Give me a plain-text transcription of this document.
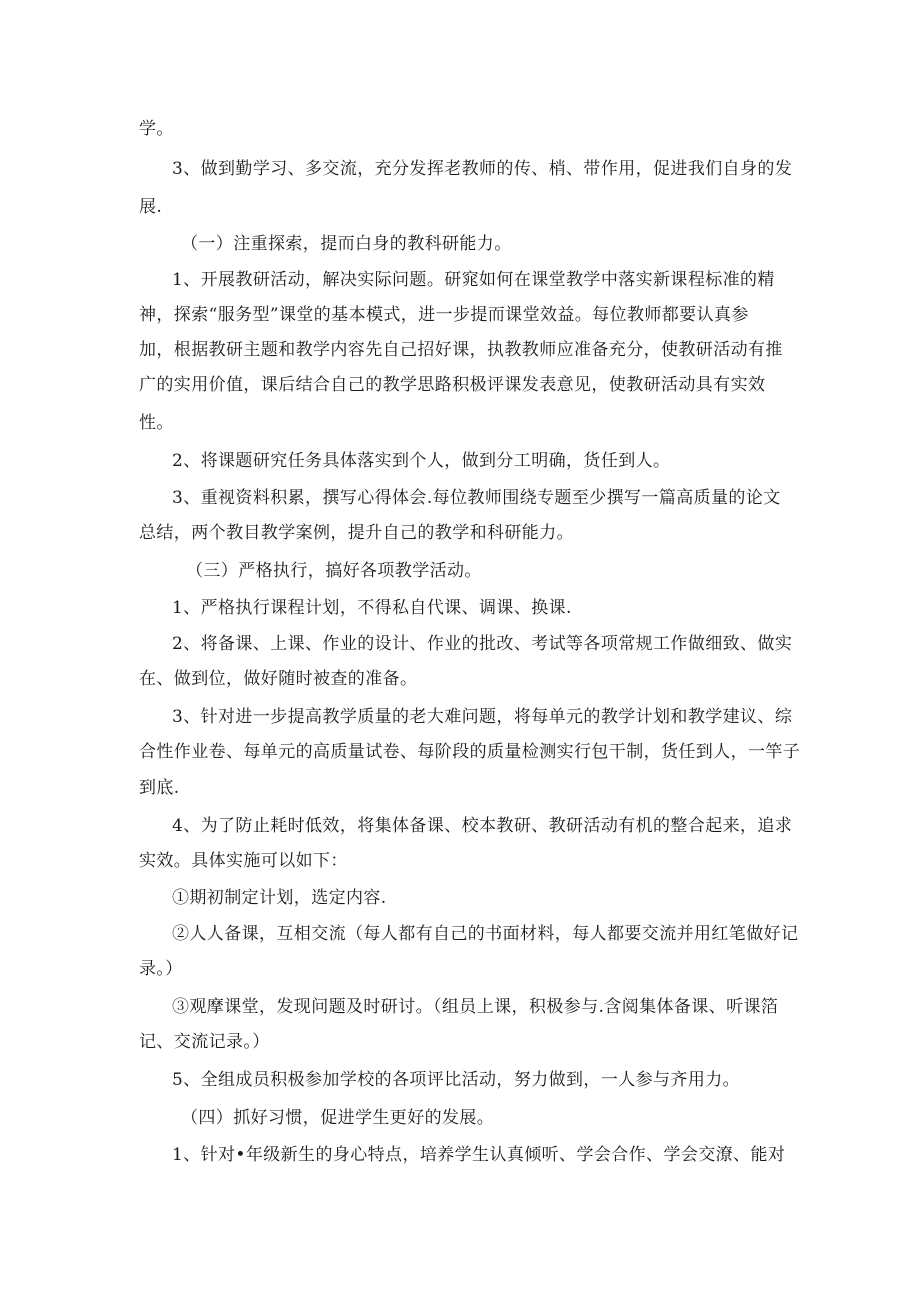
学。
3、做到勤学习、多交流，充分发挥老教师的传、梢、带作用，促进我们自身的发
展.
（一）注重探索，提而白身的教科研能力。
1、开展教研活动，解决实际问题。研窕如何在课堂教学中落实新课程标准的精
神，探索“服务型”课堂的基本模式，进一步提而课堂效益。每位教师都要认真参
加，根据教研主题和教学内容先自己招好课，执教教师应准备充分，使教研活动有推
广的实用价值，课后结合自己的教学思路积极评课发表意见，使教研活动具有实效
性。
2、将课题研究任务具体落实到个人，做到分工明确，货任到人。
3、重视资料积累，撰写心得体会.每位教师围绕专题至少撰写一篇高质量的论文
总结，两个教目教学案例，提升自己的教学和科研能力。
（三）严格执行，搞好各项教学活动。
1、严格执行课程计划，不得私自代课、调课、换课.
2、将备课、上课、作业的设计、作业的批改、考试等各项常规工作做细致、做实
在、做到位，做好随时被查的准备。
3、针对进一步提高教学质量的老大难问题，将每单元的教学计划和教学建议、综
合性作业卷、每单元的高质量试卷、每阶段的质量检测实行包干制，货任到人，一竿子
到底.
4、为了防止耗时低效，将集体备课、校本教研、教研活动有机的整合起来，追求
实效。具体实施可以如下：
①期初制定计划，选定内容.
②人人备课，互相交流（每人都有自己的书面材料，每人都要交流并用红笔做好记
录。）
③观摩课堂，发现问题及时研讨。（组员上课，积极参与.含阅集体备课、听课箔
记、交流记录。）
5、全组成员积极参加学校的各项评比活动，努力做到，一人参与齐用力。
（四）抓好习惯，促进学生更好的发展。
1、针对•年级新生的身心特点，培养学生认真倾听、学会合作、学会交潦、能对
